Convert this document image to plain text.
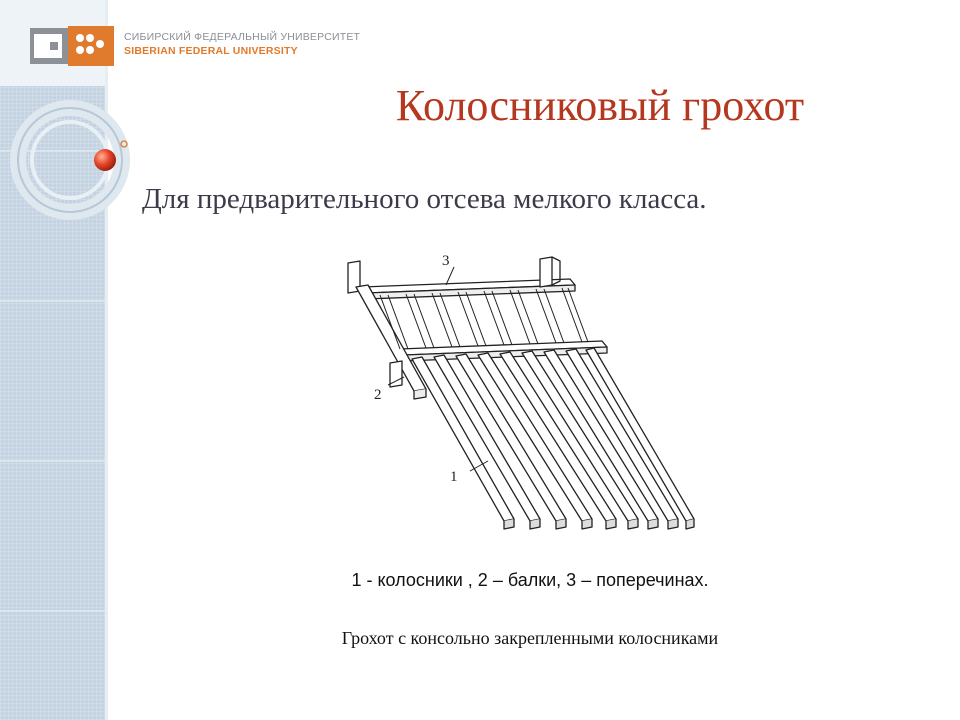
СИБИРСКИЙ ФЕДЕРАЛЬНЫЙ УНИВЕРСИТЕТ
SIBERIAN FEDERAL UNIVERSITY
Колосниковый грохот
Для предварительного отсева мелкого класса.
3
2
1
1 - колосники , 2 – балки, 3 – поперечинах.
Грохот с консольно закрепленными колосниками
